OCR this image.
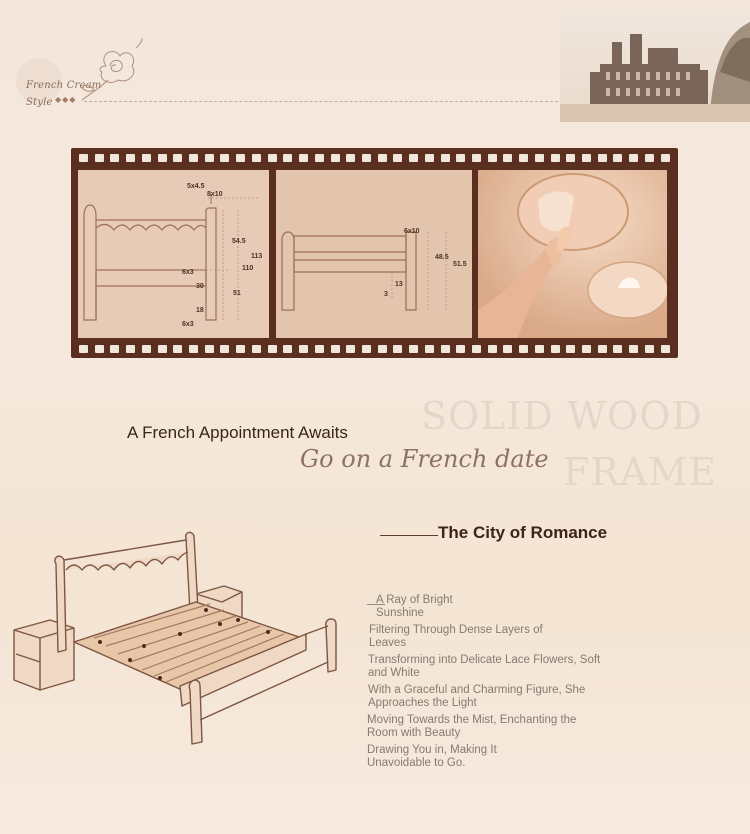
French Cream
Style ◆◆◆
5x4.5
8x10
54.5
113
110
6x3
30
51
18
6x3
6x10
48.5
51.5
13
3
SOLID WOOD
FRAME
A French Appointment Awaits
Go on a French date
The City of Romance
A Ray of Bright
Sunshine
Filtering Through Dense Layers of
Leaves
Transforming into Delicate Lace Flowers, Soft
and White
With a Graceful and Charming Figure, She
Approaches the Light
Moving Towards the Mist, Enchanting the
Room with Beauty
Drawing You in, Making It
Unavoidable to Go.
